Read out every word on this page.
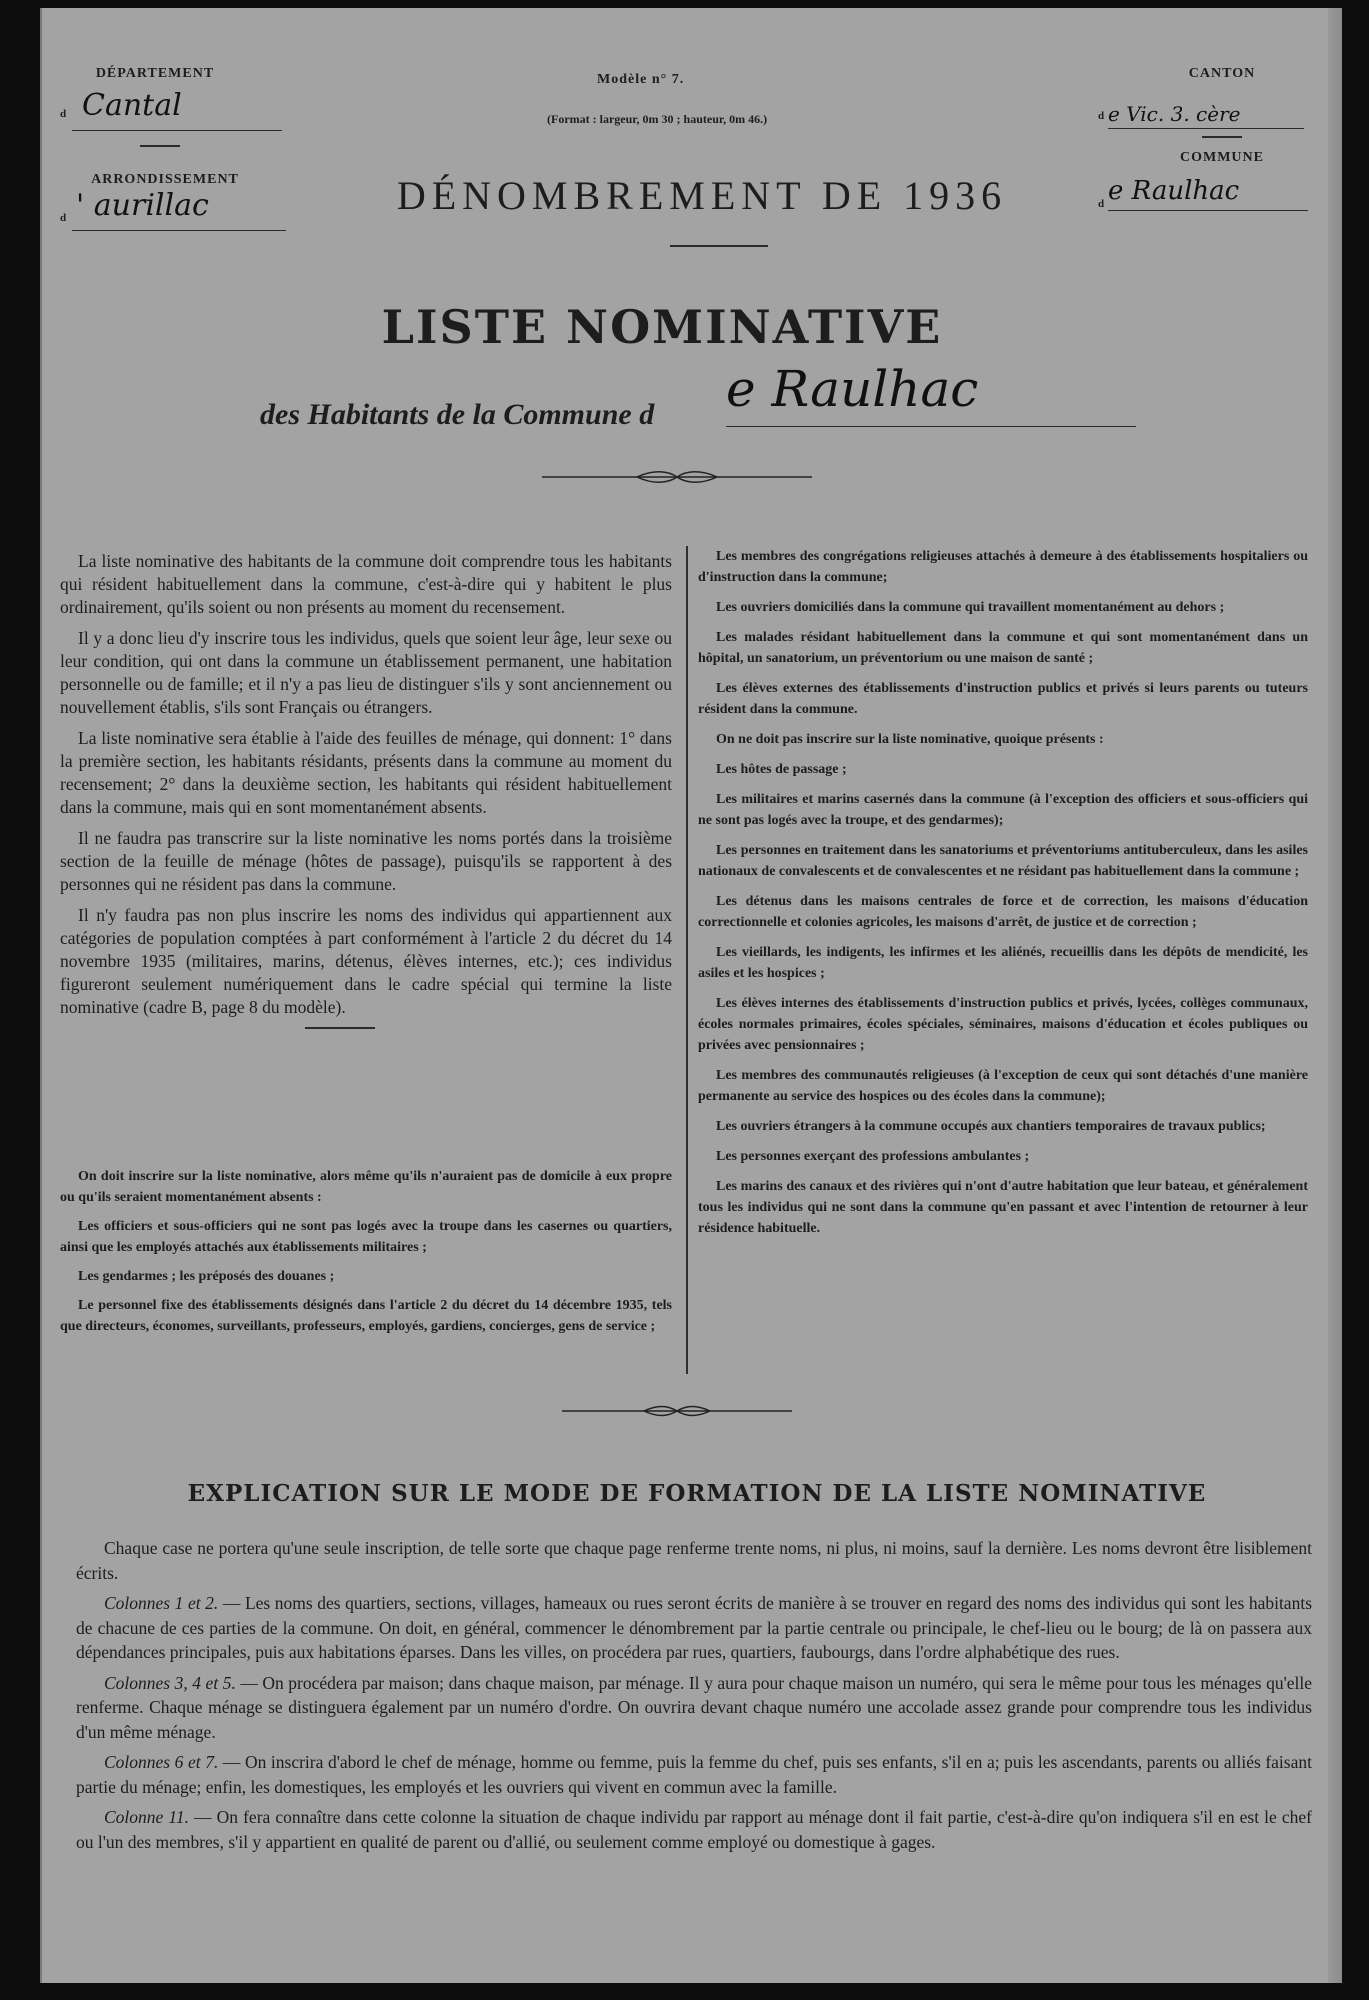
DÉPARTEMENT
d Cantal
ARRONDISSEMENT
d ' aurillac
Modèle n° 7.
(Format : largeur, 0m 30 ; hauteur, 0m 46.)
DÉNOMBREMENT DE 1936
CANTON
d e Vic. 3. cère
COMMUNE
d e Raulhac
LISTE NOMINATIVE
des Habitants de la Commune d e Raulhac

La liste nominative des habitants de la commune doit comprendre tous les habitants qui résident habituellement dans la commune, c'est-à-dire qui y habitent le plus ordinairement, qu'ils soient ou non présents au moment du recensement.

Il y a donc lieu d'y inscrire tous les individus, quels que soient leur âge, leur sexe ou leur condition, qui ont dans la commune un établissement permanent, une habitation personnelle ou de famille; et il n'y a pas lieu de distinguer s'ils y sont anciennement ou nouvellement établis, s'ils sont Français ou étrangers.

La liste nominative sera établie à l'aide des feuilles de ménage, qui donnent: 1° dans la première section, les habitants résidants, présents dans la commune au moment du recensement; 2° dans la deuxième section, les habitants qui résident habituellement dans la commune, mais qui en sont momentanément absents.

Il ne faudra pas transcrire sur la liste nominative les noms portés dans la troisième section de la feuille de ménage (hôtes de passage), puisqu'ils se rapportent à des personnes qui ne résident pas dans la commune.

Il n'y faudra pas non plus inscrire les noms des individus qui appartiennent aux catégories de population comptées à part conformément à l'article 2 du décret du 14 novembre 1935 (militaires, marins, détenus, élèves internes, etc.); ces individus figureront seulement numériquement dans le cadre spécial qui termine la liste nominative (cadre B, page 8 du modèle).

On doit inscrire sur la liste nominative, alors même qu'ils n'auraient pas de domicile à eux propre ou qu'ils seraient momentanément absents :

Les officiers et sous-officiers qui ne sont pas logés avec la troupe dans les casernes ou quartiers, ainsi que les employés attachés aux établissements militaires ;

Les gendarmes ; les préposés des douanes ;

Le personnel fixe des établissements désignés dans l'article 2 du décret du 14 décembre 1935, tels que directeurs, économes, surveillants, professeurs, employés, gardiens, concierges, gens de service ;

Les membres des congrégations religieuses attachés à demeure à des établissements hospitaliers ou d'instruction dans la commune;

Les ouvriers domiciliés dans la commune qui travaillent momentanément au dehors ;

Les malades résidant habituellement dans la commune et qui sont momentanément dans un hôpital, un sanatorium, un préventorium ou une maison de santé ;

Les élèves externes des établissements d'instruction publics et privés si leurs parents ou tuteurs résident dans la commune.

On ne doit pas inscrire sur la liste nominative, quoique présents :

Les hôtes de passage ;

Les militaires et marins casernés dans la commune (à l'exception des officiers et sous-officiers qui ne sont pas logés avec la troupe, et des gendarmes);

Les personnes en traitement dans les sanatoriums et préventoriums antituberculeux, dans les asiles nationaux de convalescents et de convalescentes et ne résidant pas habituellement dans la commune ;

Les détenus dans les maisons centrales de force et de correction, les maisons d'éducation correctionnelle et colonies agricoles, les maisons d'arrêt, de justice et de correction ;

Les vieillards, les indigents, les infirmes et les aliénés, recueillis dans les dépôts de mendicité, les asiles et les hospices ;

Les élèves internes des établissements d'instruction publics et privés, lycées, collèges communaux, écoles normales primaires, écoles spéciales, séminaires, maisons d'éducation et écoles publiques ou privées avec pensionnaires ;

Les membres des communautés religieuses (à l'exception de ceux qui sont détachés d'une manière permanente au service des hospices ou des écoles dans la commune);

Les ouvriers étrangers à la commune occupés aux chantiers temporaires de travaux publics;

Les personnes exerçant des professions ambulantes ;

Les marins des canaux et des rivières qui n'ont d'autre habitation que leur bateau, et généralement tous les individus qui ne sont dans la commune qu'en passant et avec l'intention de retourner à leur résidence habituelle.

EXPLICATION SUR LE MODE DE FORMATION DE LA LISTE NOMINATIVE

Chaque case ne portera qu'une seule inscription, de telle sorte que chaque page renferme trente noms, ni plus, ni moins, sauf la dernière. Les noms devront être lisiblement écrits.

Colonnes 1 et 2. — Les noms des quartiers, sections, villages, hameaux ou rues seront écrits de manière à se trouver en regard des noms des individus qui sont les habitants de chacune de ces parties de la commune. On doit, en général, commencer le dénombrement par la partie centrale ou principale, le chef-lieu ou le bourg; de là on passera aux dépendances principales, puis aux habitations éparses. Dans les villes, on procédera par rues, quartiers, faubourgs, dans l'ordre alphabétique des rues.

Colonnes 3, 4 et 5. — On procédera par maison; dans chaque maison, par ménage. Il y aura pour chaque maison un numéro, qui sera le même pour tous les ménages qu'elle renferme. Chaque ménage se distinguera également par un numéro d'ordre. On ouvrira devant chaque numéro une accolade assez grande pour comprendre tous les individus d'un même ménage.

Colonnes 6 et 7. — On inscrira d'abord le chef de ménage, homme ou femme, puis la femme du chef, puis ses enfants, s'il en a; puis les ascendants, parents ou alliés faisant partie du ménage; enfin, les domestiques, les employés et les ouvriers qui vivent en commun avec la famille.

Colonne 11. — On fera connaître dans cette colonne la situation de chaque individu par rapport au ménage dont il fait partie, c'est-à-dire qu'on indiquera s'il en est le chef ou l'un des membres, s'il y appartient en qualité de parent ou d'allié, ou seulement comme employé ou domestique à gages.
